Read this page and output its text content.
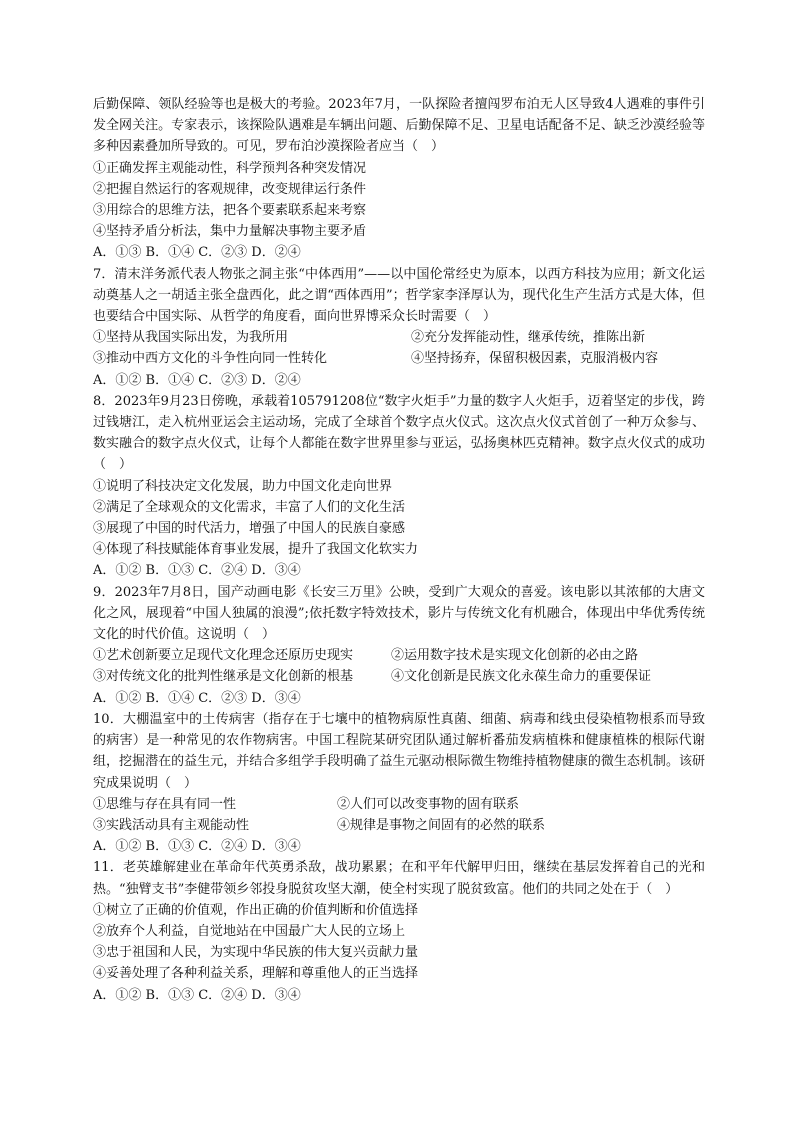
后勤保障、领队经验等也是极大的考验。2023年7月，一队探险者擅闯罗布泊无人区导致4人遇难的事件引发全网关注。专家表示，该探险队遇难是车辆出问题、后勤保障不足、卫星电话配备不足、缺乏沙漠经验等多种因素叠加所导致的。可见，罗布泊沙漠探险者应当（　）

①正确发挥主观能动性，科学预判各种突发情况

②把握自然运行的客观规律，改变规律运行条件

③用综合的思维方法，把各个要素联系起来考察

④坚持矛盾分析法，集中力量解决事物主要矛盾

A．①③ B．①④ C．②③ D．②④

7．清末洋务派代表人物张之洞主张“中体西用”——以中国伦常经史为原本，以西方科技为应用；新文化运动奠基人之一胡适主张全盘西化，此之谓“西体西用”；哲学家李泽厚认为，现代化生产生活方式是大体，但也要结合中国实际、从哲学的角度看，面向世界博采众长时需要（　）

①坚持从我国实际出发，为我所用	②充分发挥能动性，继承传统，推陈出新
③推动中西方文化的斗争性向同一性转化	④坚持扬弃，保留积极因素，克服消极内容

A．①② B．①④ C．②③ D．②④

8．2023年9月23日傍晚，承载着105791208位“数字火炬手”力量的数字人火炬手，迈着坚定的步伐，跨过钱塘江，走入杭州亚运会主运动场，完成了全球首个数字点火仪式。这次点火仪式首创了一种万众参与、数实融合的数字点火仪式，让每个人都能在数字世界里参与亚运，弘扬奥林匹克精神。数字点火仪式的成功（　）

①说明了科技决定文化发展，助力中国文化走向世界

②满足了全球观众的文化需求，丰富了人们的文化生活

③展现了中国的时代活力，增强了中国人的民族自豪感

④体现了科技赋能体育事业发展，提升了我国文化软实力

A．①② B．①③ C．②④ D．③④

9．2023年7月8日，国产动画电影《长安三万里》公映，受到广大观众的喜爱。该电影以其浓郁的大唐文化之风，展现着“中国人独属的浪漫”;依托数字特效技术，影片与传统文化有机融合，体现出中华优秀传统文化的时代价值。这说明（　）

①艺术创新要立足现代文化理念还原历史现实	②运用数字技术是实现文化创新的必由之路
③对传统文化的批判性继承是文化创新的根基	④文化创新是民族文化永葆生命力的重要保证

A．①② B．①④ C．②③ D．③④

10．大棚温室中的土传病害（指存在于七壤中的植物病原性真菌、细菌、病毒和线虫侵染植物根系而导致的病害）是一种常见的农作物病害。中国工程院某研究团队通过解析番茄发病植株和健康植株的根际代谢组，挖掘潜在的益生元，并结合多组学手段明确了益生元驱动根际微生物维持植物健康的微生态机制。该研究成果说明（　）

①思维与存在具有同一性	②人们可以改变事物的固有联系
③实践活动具有主观能动性	④规律是事物之间固有的必然的联系

A．①② B．①③ C．②④ D．③④

11．老英雄解建业在革命年代英勇杀敌，战功累累；在和平年代解甲归田，继续在基层发挥着自己的光和热。“独臂支书”李健带领乡邻投身脱贫攻坚大潮，使全村实现了脱贫致富。他们的共同之处在于（　）

①树立了正确的价值观，作出正确的价值判断和价值选择

②放弃个人利益，自觉地站在中国最广大人民的立场上

③忠于祖国和人民，为实现中华民族的伟大复兴贡献力量

④妥善处理了各种利益关系，理解和尊重他人的正当选择

A．①② B．①③ C．②④ D．③④
